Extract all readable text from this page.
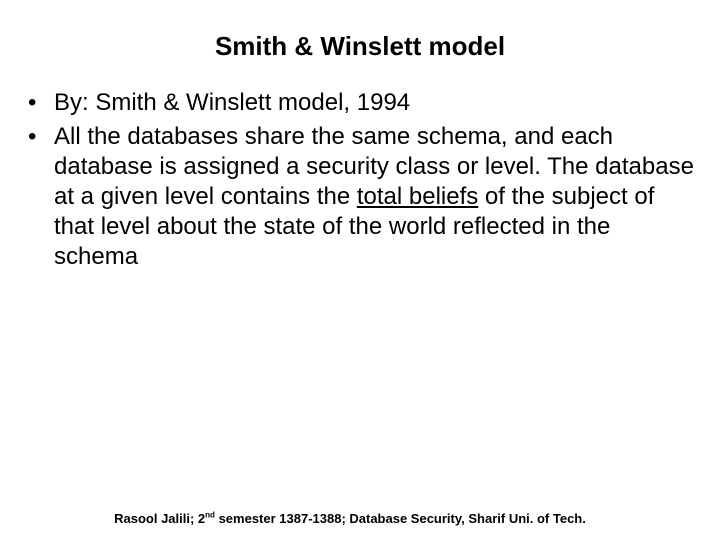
Smith & Winslett model
• By: Smith & Winslett model, 1994
• All the databases share the same schema, and each database is assigned a security class or level. The database at a given level contains the total beliefs of the subject of that level about the state of the world reflected in the schema
Rasool Jalili; 2nd semester 1387-1388; Database Security, Sharif Uni. of Tech.
